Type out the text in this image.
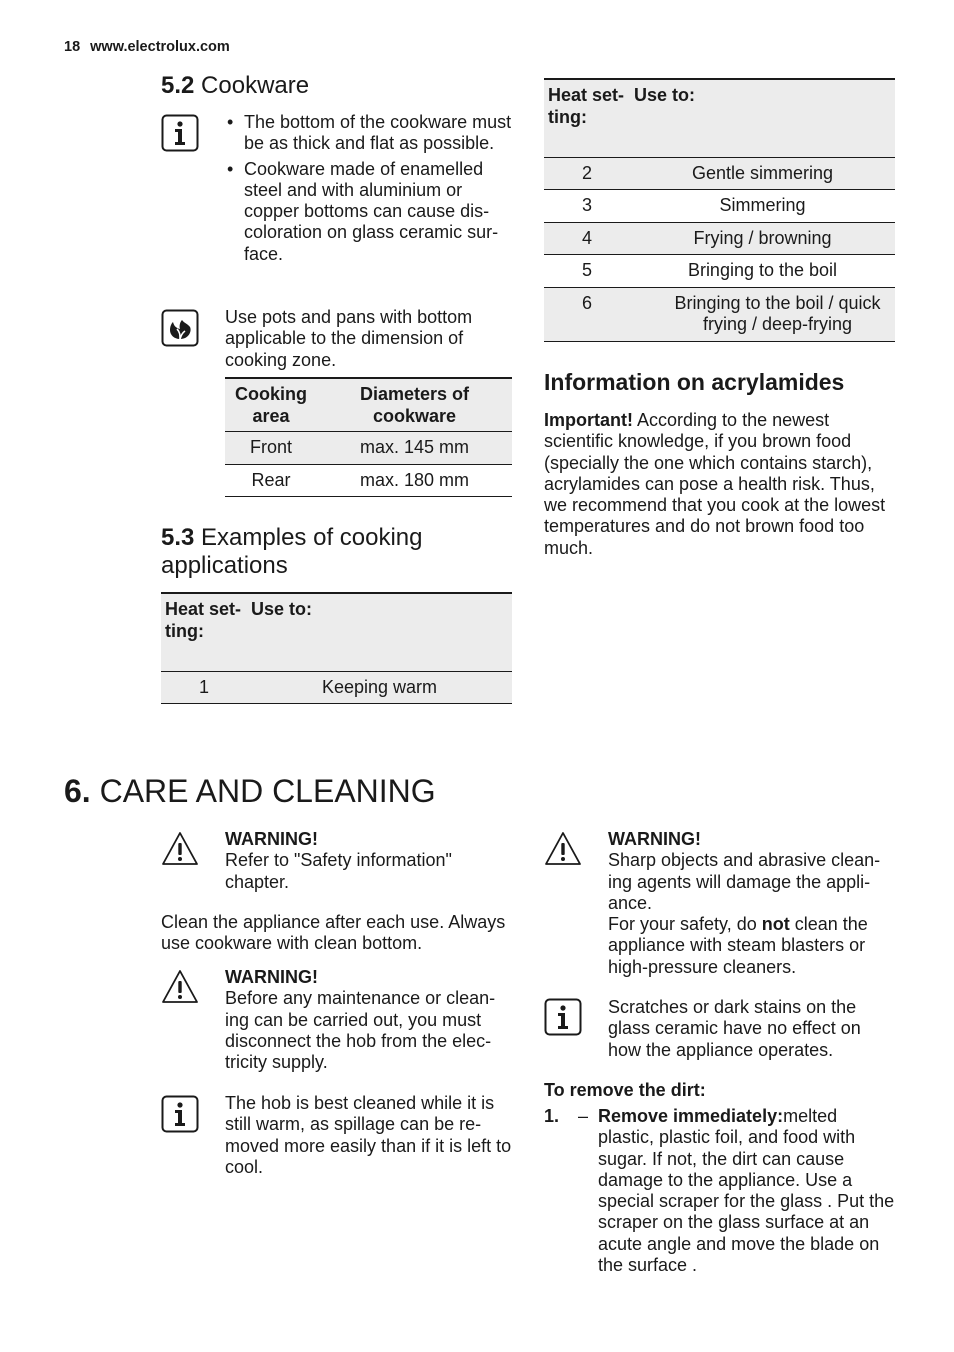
18 www.electrolux.com
5.2 Cookware
• The bottom of the cookware must be as thick and flat as possible.
• Cookware made of enamelled steel and with aluminium or copper bottoms can cause dis-coloration on glass ceramic sur-face.
Use pots and pans with bottom applicable to the dimension of cooking zone.
Cooking area	Diameters of cookware
Front	max. 145 mm
Rear	max. 180 mm
5.3 Examples of cooking applications
Heat set-ting:	Use to:
1	Keeping warm
Heat set-ting:	Use to:
2	Gentle simmering
3	Simmering
4	Frying / browning
5	Bringing to the boil
6	Bringing to the boil / quick frying / deep-frying
Information on acrylamides
Important! According to the newest scientific knowledge, if you brown food (specially the one which contains starch), acrylamides can pose a health risk. Thus, we recommend that you cook at the lowest temperatures and do not brown food too much.
6. CARE AND CLEANING
WARNING!
Refer to "Safety information" chapter.
Clean the appliance after each use. Always use cookware with clean bottom.
WARNING!
Before any maintenance or clean-ing can be carried out, you must disconnect the hob from the elec-tricity supply.
The hob is best cleaned while it is still warm, as spillage can be re-moved more easily than if it is left to cool.
WARNING!
Sharp objects and abrasive clean-ing agents will damage the appli-ance.
For your safety, do not clean the appliance with steam blasters or high-pressure cleaners.
Scratches or dark stains on the glass ceramic have no effect on how the appliance operates.
To remove the dirt:
1. – Remove immediately:melted plastic, plastic foil, and food with sugar. If not, the dirt can cause damage to the appliance. Use a special scraper for the glass . Put the scraper on the glass surface at an acute angle and move the blade on the surface .
